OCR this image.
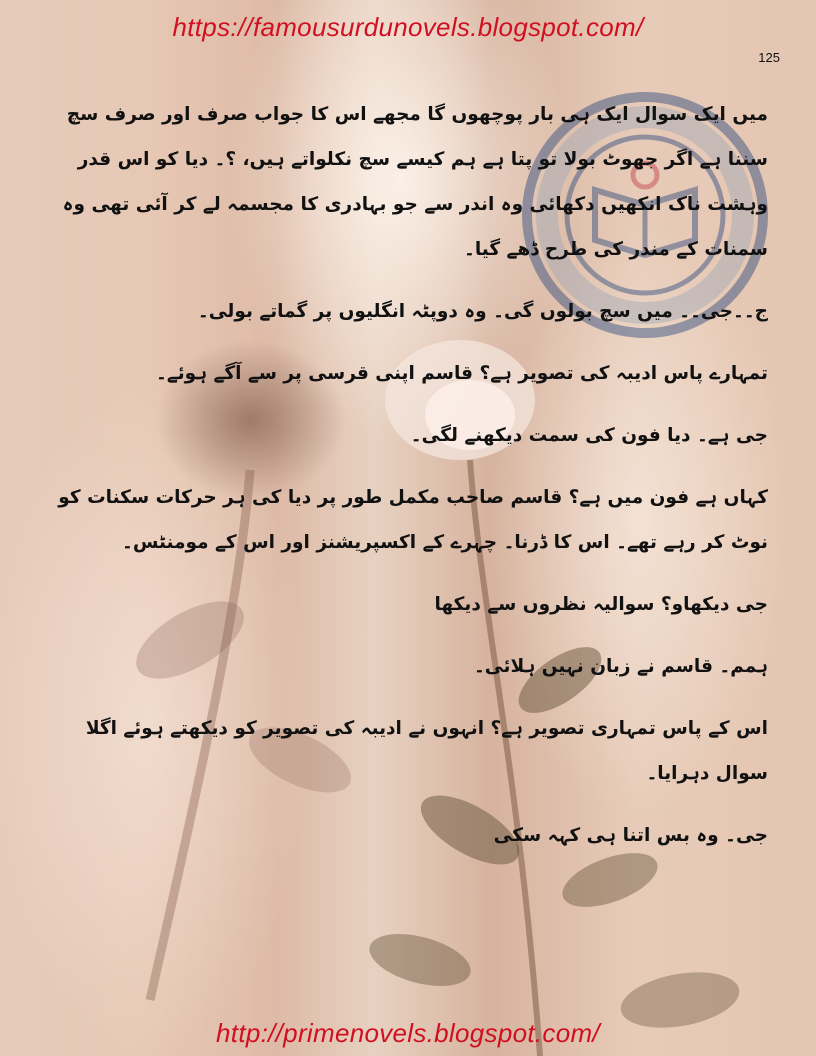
https://famousurdunovels.blogspot.com/
125

میں ایک سوال ایک ہی بار پوچھوں گا مجھے اس کا جواب صرف اور صرف سچ سننا ہے اگر جھوٹ بولا تو پتا ہے ہم کیسے سچ نکلواتے ہیں، ؟۔ دیا کو اس قدر وہشت ناک انکھیں دکھائی وہ اندر سے جو بہادری کا مجسمہ لے کر آئی تھی وہ سمنات کے مندر کی طرح ڈھے گیا۔

ج۔۔جی۔۔ میں سچ بولوں گی۔ وہ دوپٹہ انگلیوں پر گماتے بولی۔

تمہارے پاس ادیبہ کی تصویر ہے؟ قاسم اپنی قرسی پر سے آگے ہوئے۔

جی ہے۔ دیا فون کی سمت دیکھنے لگی۔

کہاں ہے فون میں ہے؟ قاسم صاحب مکمل طور پر دیا کی ہر حرکات سکنات کو نوٹ کر رہے تھے۔ اس کا ڈرنا۔ چہرے کے اکسپریشنز اور اس کے مومنٹس۔

جی دیکھاو؟ سوالیہ نظروں سے دیکھا

ہمم۔ قاسم نے زبان نہیں ہلائی۔

اس کے پاس تمہاری تصویر ہے؟ انہوں نے ادیبہ کی تصویر کو دیکھتے ہوئے اگلا سوال دہرایا۔

جی۔ وہ بس اتنا ہی کہہ سکی

http://primenovels.blogspot.com/
